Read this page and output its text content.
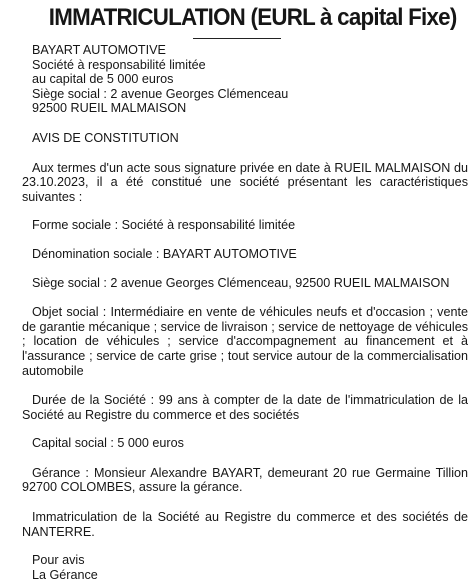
IMMATRICULATION (EURL à capital Fixe)
BAYART AUTOMOTIVE
Société à responsabilité limitée
au capital de 5 000 euros
Siège social : 2 avenue Georges Clémenceau
92500 RUEIL MALMAISON
AVIS DE CONSTITUTION
Aux termes d'un acte sous signature privée en date à RUEIL MALMAISON du 23.10.2023, il a été constitué une société présentant les caractéristiques suivantes :
Forme sociale : Société à responsabilité limitée
Dénomination sociale : BAYART AUTOMOTIVE
Siège social : 2 avenue Georges Clémenceau, 92500 RUEIL MALMAISON
Objet social : Intermédiaire en vente de véhicules neufs et d'occasion ; vente de garantie mécanique ; service de livraison ; service de nettoyage de véhicules ; location de véhicules ; service d'accompagnement au financement et à l'assurance ; service de carte grise ; tout service autour de la commercialisation automobile
Durée de la Société : 99 ans à compter de la date de l'immatriculation de la Société au Registre du commerce et des sociétés
Capital social : 5 000 euros
Gérance : Monsieur Alexandre BAYART, demeurant 20 rue Germaine Tillion 92700 COLOMBES, assure la gérance.
Immatriculation de la Société au Registre du commerce et des sociétés de NANTERRE.
Pour avis
La Gérance
